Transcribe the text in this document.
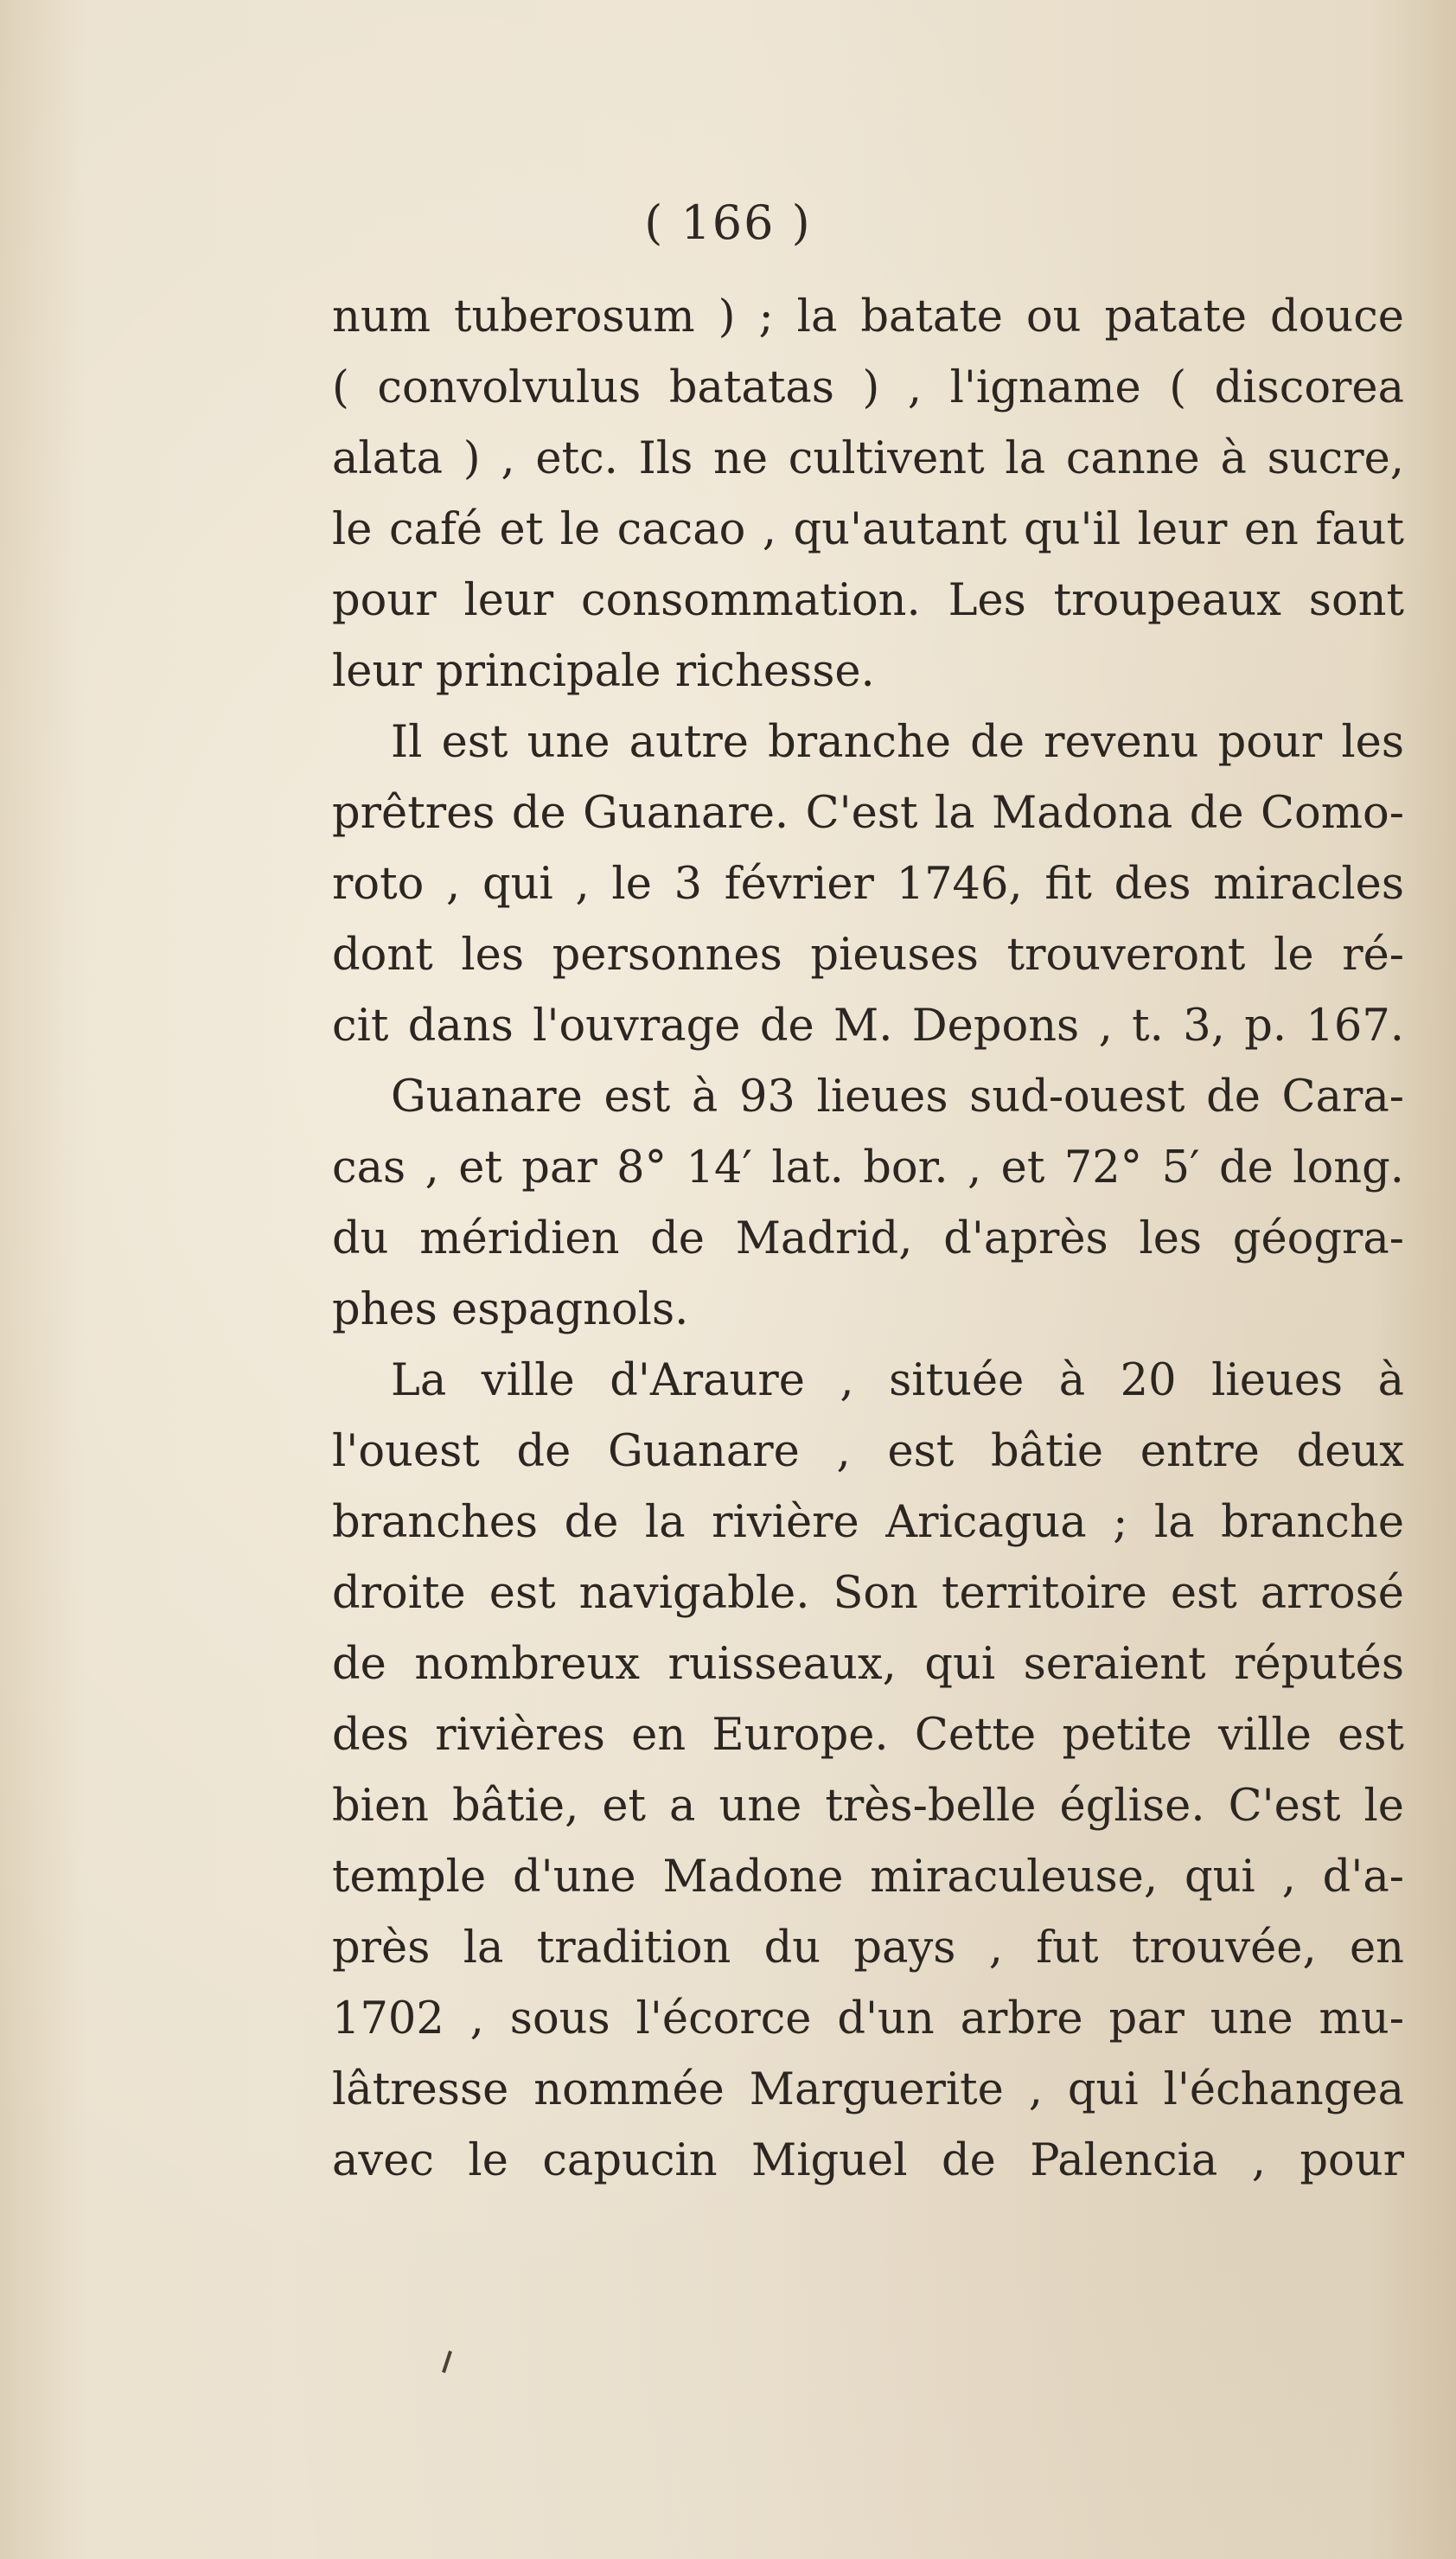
( 166 )
num tuberosum ) ; la batate ou patate douce
( convolvulus batatas ) , l'igname ( discorea
alata ) , etc. Ils ne cultivent la canne à sucre,
le café et le cacao , qu'autant qu'il leur en faut
pour leur consommation. Les troupeaux sont
leur principale richesse.
Il est une autre branche de revenu pour les
prêtres de Guanare. C'est la Madona de Como-
roto , qui , le 3 février 1746, fit des miracles
dont les personnes pieuses trouveront le ré-
cit dans l'ouvrage de M. Depons , t. 3, p. 167.
Guanare est à 93 lieues sud-ouest de Cara-
cas , et par 8° 14′ lat. bor. , et 72° 5′ de long.
du méridien de Madrid, d'après les géogra-
phes espagnols.
La ville d'Araure , située à 20 lieues à
l'ouest de Guanare , est bâtie entre deux
branches de la rivière Aricagua ; la branche
droite est navigable. Son territoire est arrosé
de nombreux ruisseaux, qui seraient réputés
des rivières en Europe. Cette petite ville est
bien bâtie, et a une très-belle église. C'est le
temple d'une Madone miraculeuse, qui , d'a-
près la tradition du pays , fut trouvée, en
1702 , sous l'écorce d'un arbre par une mu-
lâtresse nommée Marguerite , qui l'échangea
avec le capucin Miguel de Palencia , pour
